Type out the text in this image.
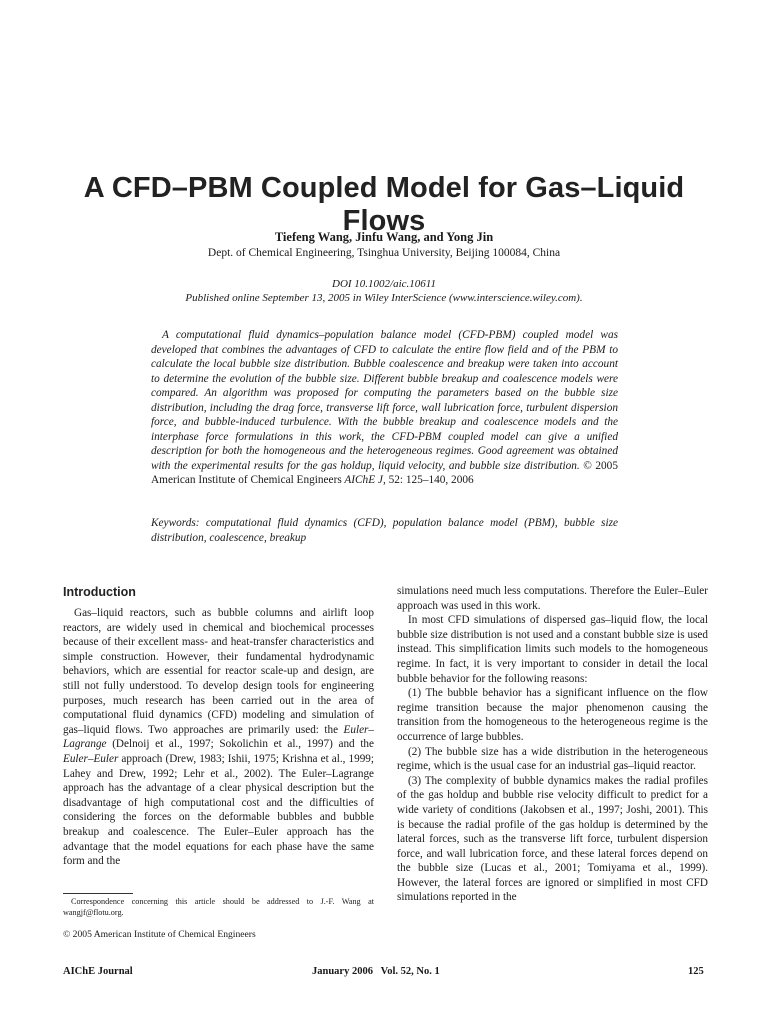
A CFD–PBM Coupled Model for Gas–Liquid Flows
Tiefeng Wang, Jinfu Wang, and Yong Jin
Dept. of Chemical Engineering, Tsinghua University, Beijing 100084, China
DOI 10.1002/aic.10611
Published online September 13, 2005 in Wiley InterScience (www.interscience.wiley.com).

A computational fluid dynamics–population balance model (CFD-PBM) coupled model was developed that combines the advantages of CFD to calculate the entire flow field and of the PBM to calculate the local bubble size distribution. Bubble coalescence and breakup were taken into account to determine the evolution of the bubble size. Different bubble breakup and coalescence models were compared. An algorithm was proposed for computing the parameters based on the bubble size distribution, including the drag force, transverse lift force, wall lubrication force, turbulent dispersion force, and bubble-induced turbulence. With the bubble breakup and coalescence models and the interphase force formulations in this work, the CFD-PBM coupled model can give a unified description for both the homogeneous and the heterogeneous regimes. Good agreement was obtained with the experimental results for the gas holdup, liquid velocity, and bubble size distribution. © 2005 American Institute of Chemical Engineers AIChE J, 52: 125–140, 2006

Keywords: computational fluid dynamics (CFD), population balance model (PBM), bubble size distribution, coalescence, breakup

Introduction

Gas–liquid reactors, such as bubble columns and airlift loop reactors, are widely used in chemical and biochemical processes because of their excellent mass- and heat-transfer characteristics and simple construction. However, their fundamental hydrodynamic behaviors, which are essential for reactor scale-up and design, are still not fully understood. To develop design tools for engineering purposes, much research has been carried out in the area of computational fluid dynamics (CFD) modeling and simulation of gas–liquid flows. Two approaches are primarily used: the Euler–Lagrange (Delnoij et al., 1997; Sokolichin et al., 1997) and the Euler–Euler approach (Drew, 1983; Ishii, 1975; Krishna et al., 1999; Lahey and Drew, 1992; Lehr et al., 2002). The Euler–Lagrange approach has the advantage of a clear physical description but the disadvantage of high computational cost and the difficulties of considering the forces on the deformable bubbles and bubble breakup and coalescence. The Euler–Euler approach has the advantage that the model equations for each phase have the same form and the

simulations need much less computations. Therefore the Euler–Euler approach was used in this work.

In most CFD simulations of dispersed gas–liquid flow, the local bubble size distribution is not used and a constant bubble size is used instead. This simplification limits such models to the homogeneous regime. In fact, it is very important to consider in detail the local bubble behavior for the following reasons:

(1) The bubble behavior has a significant influence on the flow regime transition because the major phenomenon causing the transition from the homogeneous to the heterogeneous regime is the occurrence of large bubbles.

(2) The bubble size has a wide distribution in the heterogeneous regime, which is the usual case for an industrial gas–liquid reactor.

(3) The complexity of bubble dynamics makes the radial profiles of the gas holdup and bubble rise velocity difficult to predict for a wide variety of conditions (Jakobsen et al., 1997; Joshi, 2001). This is because the radial profile of the gas holdup is determined by the lateral forces, such as the transverse lift force, turbulent dispersion force, and wall lubrication force, and these lateral forces depend on the bubble size (Lucas et al., 2001; Tomiyama et al., 1999). However, the lateral forces are ignored or simplified in most CFD simulations reported in the

Correspondence concerning this article should be addressed to J.-F. Wang at wangjf@flotu.org.

© 2005 American Institute of Chemical Engineers

AIChE Journal	January 2006   Vol. 52, No. 1	125
